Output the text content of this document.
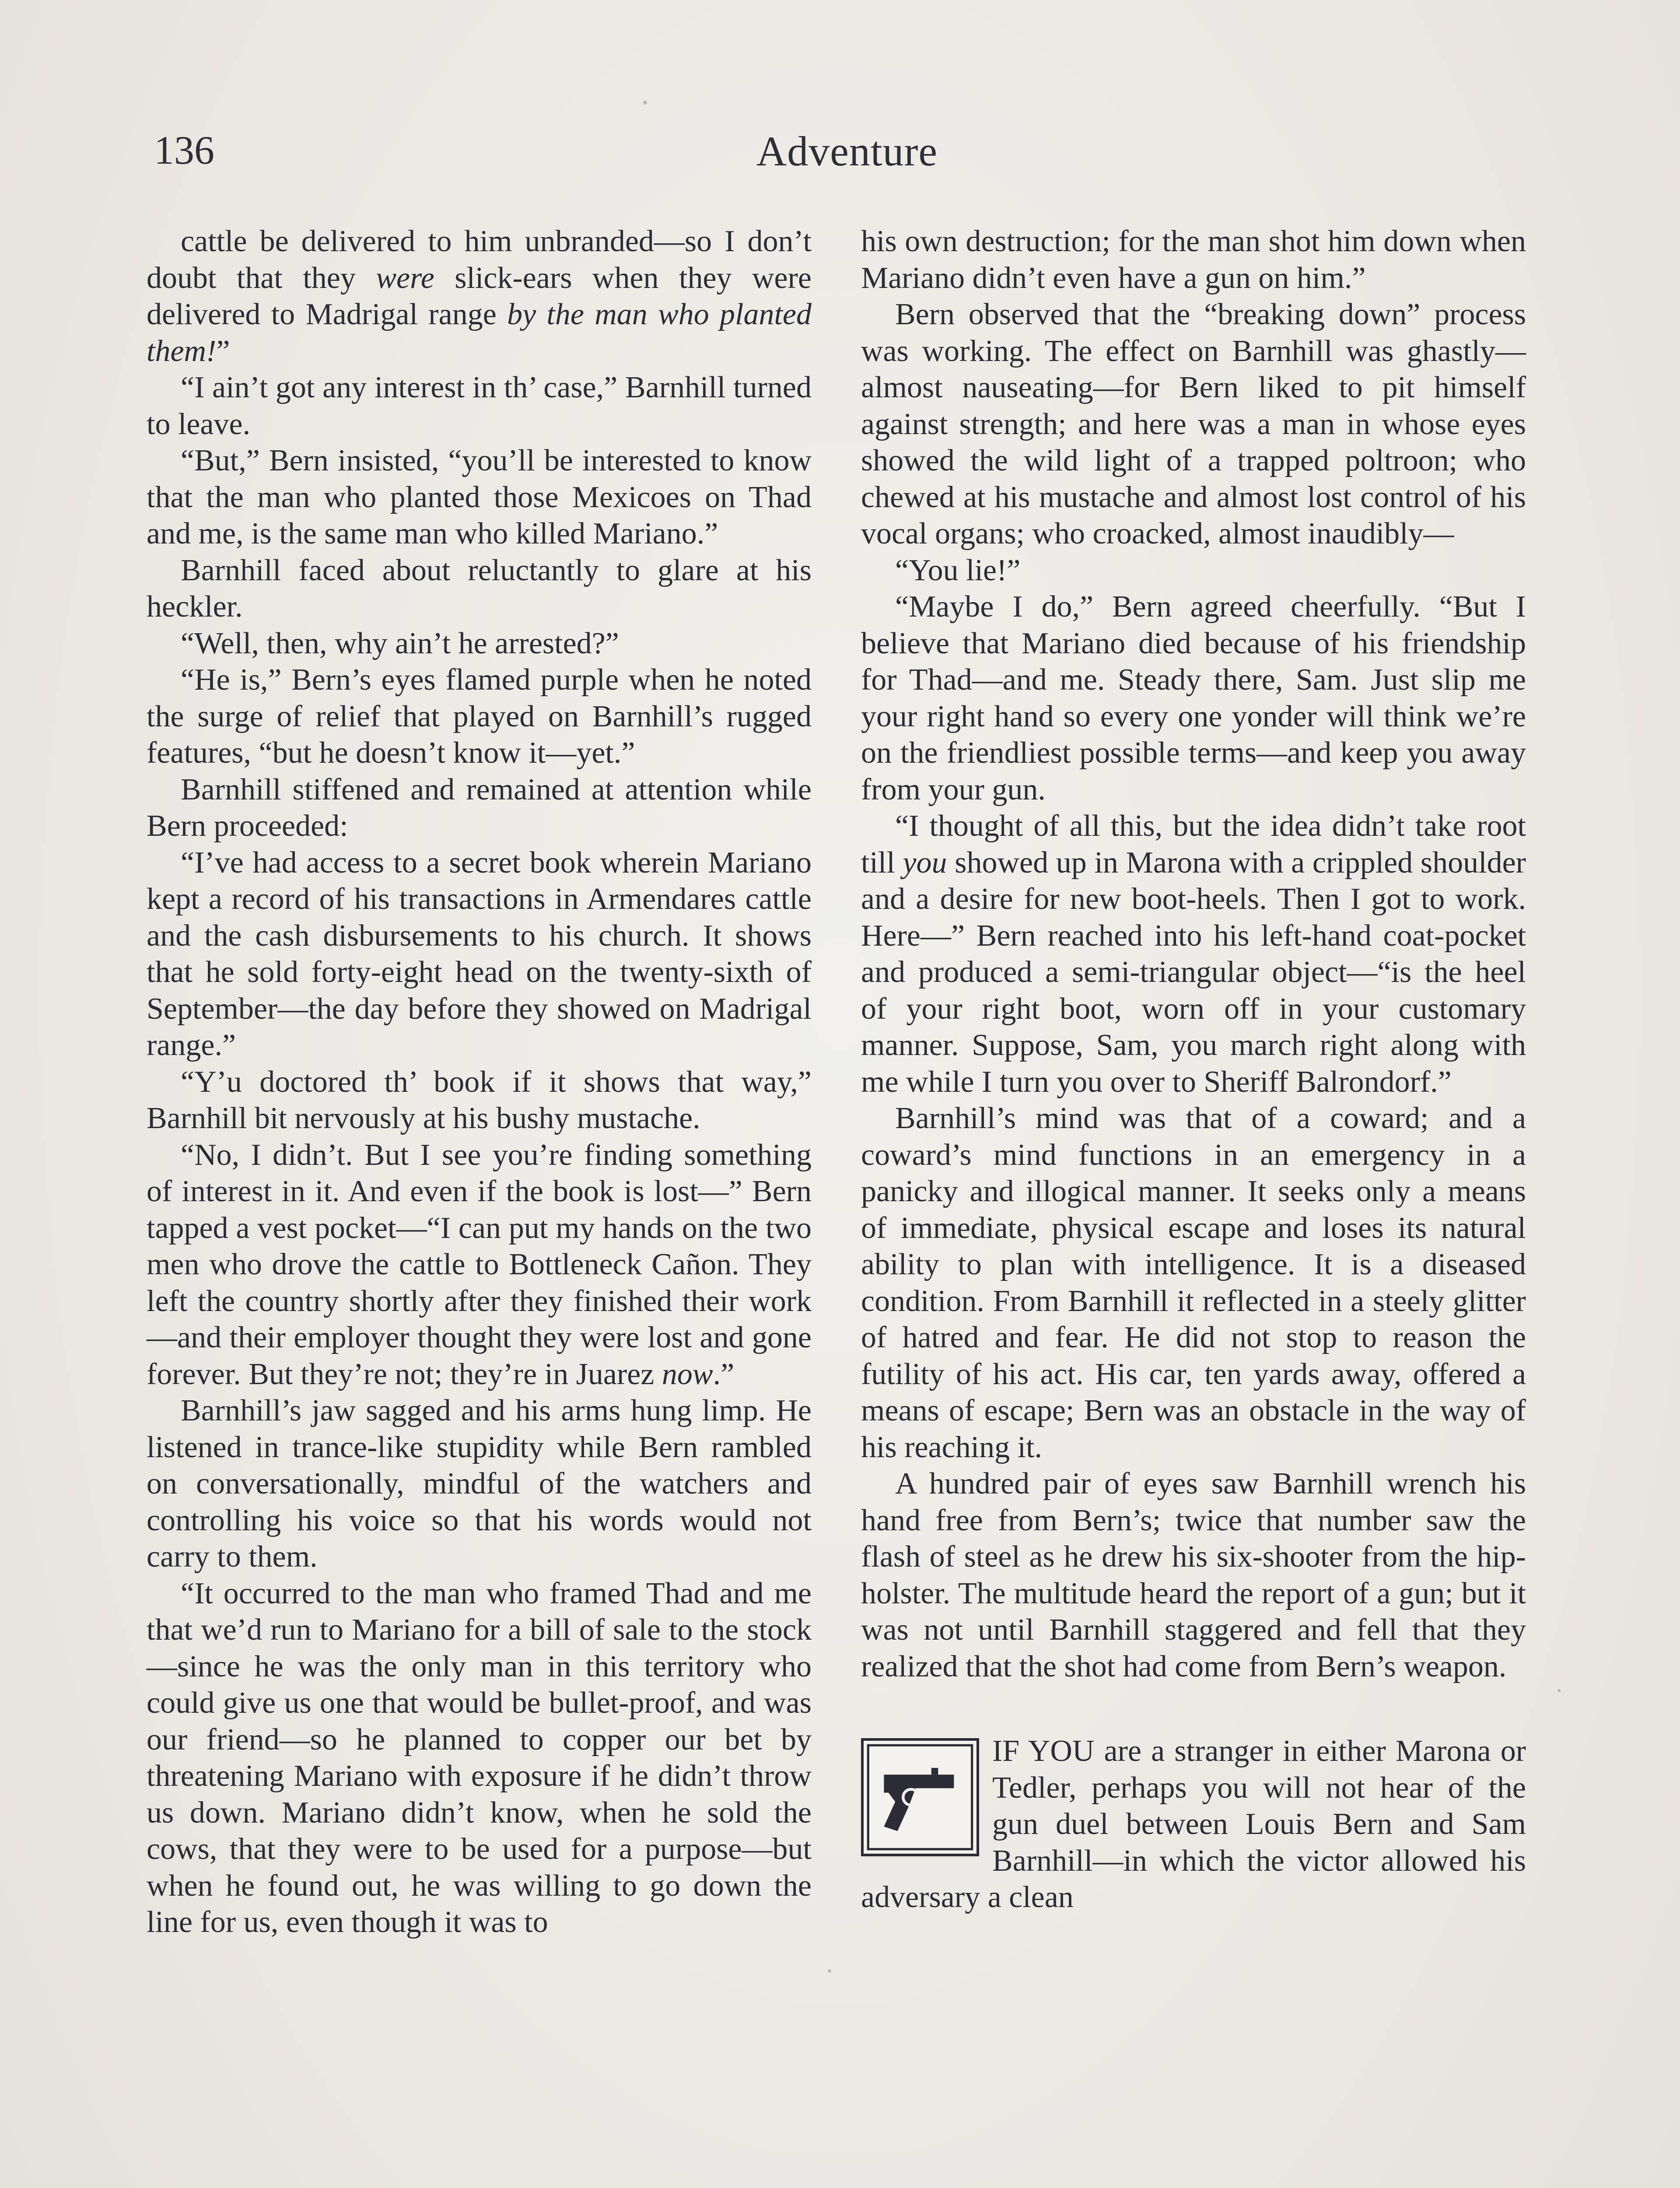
136	Adventure

cattle be delivered to him unbranded—so I don’t doubt that they were slick-ears when they were delivered to Madrigal range by the man who planted them!”

“I ain’t got any interest in th’ case,” Barnhill turned to leave.

“But,” Bern insisted, “you’ll be interested to know that the man who planted those Mexicoes on Thad and me, is the same man who killed Mariano.”

Barnhill faced about reluctantly to glare at his heckler.

“Well, then, why ain’t he arrested?”

“He is,” Bern’s eyes flamed purple when he noted the surge of relief that played on Barnhill’s rugged features, “but he doesn’t know it—yet.”

Barnhill stiffened and remained at attention while Bern proceeded:

“I’ve had access to a secret book wherein Mariano kept a record of his transactions in Armendares cattle and the cash disbursements to his church. It shows that he sold forty-eight head on the twenty-sixth of September—the day before they showed on Madrigal range.”

“Y’u doctored th’ book if it shows that way,” Barnhill bit nervously at his bushy mustache.

“No, I didn’t. But I see you’re finding something of interest in it. And even if the book is lost—” Bern tapped a vest pocket—“I can put my hands on the two men who drove the cattle to Bottleneck Cañon. They left the country shortly after they finished their work—and their employer thought they were lost and gone forever. But they’re not; they’re in Juarez now.”

Barnhill’s jaw sagged and his arms hung limp. He listened in trance-like stupidity while Bern rambled on conversationally, mindful of the watchers and controlling his voice so that his words would not carry to them.

“It occurred to the man who framed Thad and me that we’d run to Mariano for a bill of sale to the stock—since he was the only man in this territory who could give us one that would be bullet-proof, and was our friend—so he planned to copper our bet by threatening Mariano with exposure if he didn’t throw us down. Mariano didn’t know, when he sold the cows, that they were to be used for a purpose—but when he found out, he was willing to go down the line for us, even though it was to

his own destruction; for the man shot him down when Mariano didn’t even have a gun on him.”

Bern observed that the “breaking down” process was working. The effect on Barnhill was ghastly—almost nauseating—for Bern liked to pit himself against strength; and here was a man in whose eyes showed the wild light of a trapped poltroon; who chewed at his mustache and almost lost control of his vocal organs; who croacked, almost inaudibly—

“You lie!”

“Maybe I do,” Bern agreed cheerfully. “But I believe that Mariano died because of his friendship for Thad—and me. Steady there, Sam. Just slip me your right hand so every one yonder will think we’re on the friendliest possible terms—and keep you away from your gun.

“I thought of all this, but the idea didn’t take root till you showed up in Marona with a crippled shoulder and a desire for new boot-heels. Then I got to work. Here—” Bern reached into his left-hand coat-pocket and produced a semi-triangular object—“is the heel of your right boot, worn off in your customary manner. Suppose, Sam, you march right along with me while I turn you over to Sheriff Balrondorf.”

Barnhill’s mind was that of a coward; and a coward’s mind functions in an emergency in a panicky and illogical manner. It seeks only a means of immediate, physical escape and loses its natural ability to plan with intelligence. It is a diseased condition. From Barnhill it reflected in a steely glitter of hatred and fear. He did not stop to reason the futility of his act. His car, ten yards away, offered a means of escape; Bern was an obstacle in the way of his reaching it.

A hundred pair of eyes saw Barnhill wrench his hand free from Bern’s; twice that number saw the flash of steel as he drew his six-shooter from the hip-holster. The multitude heard the report of a gun; but it was not until Barnhill staggered and fell that they realized that the shot had come from Bern’s weapon.

IF YOU are a stranger in either Marona or Tedler, perhaps you will not hear of the gun duel between Louis Bern and Sam Barnhill—in which the victor allowed his adversary a clean
